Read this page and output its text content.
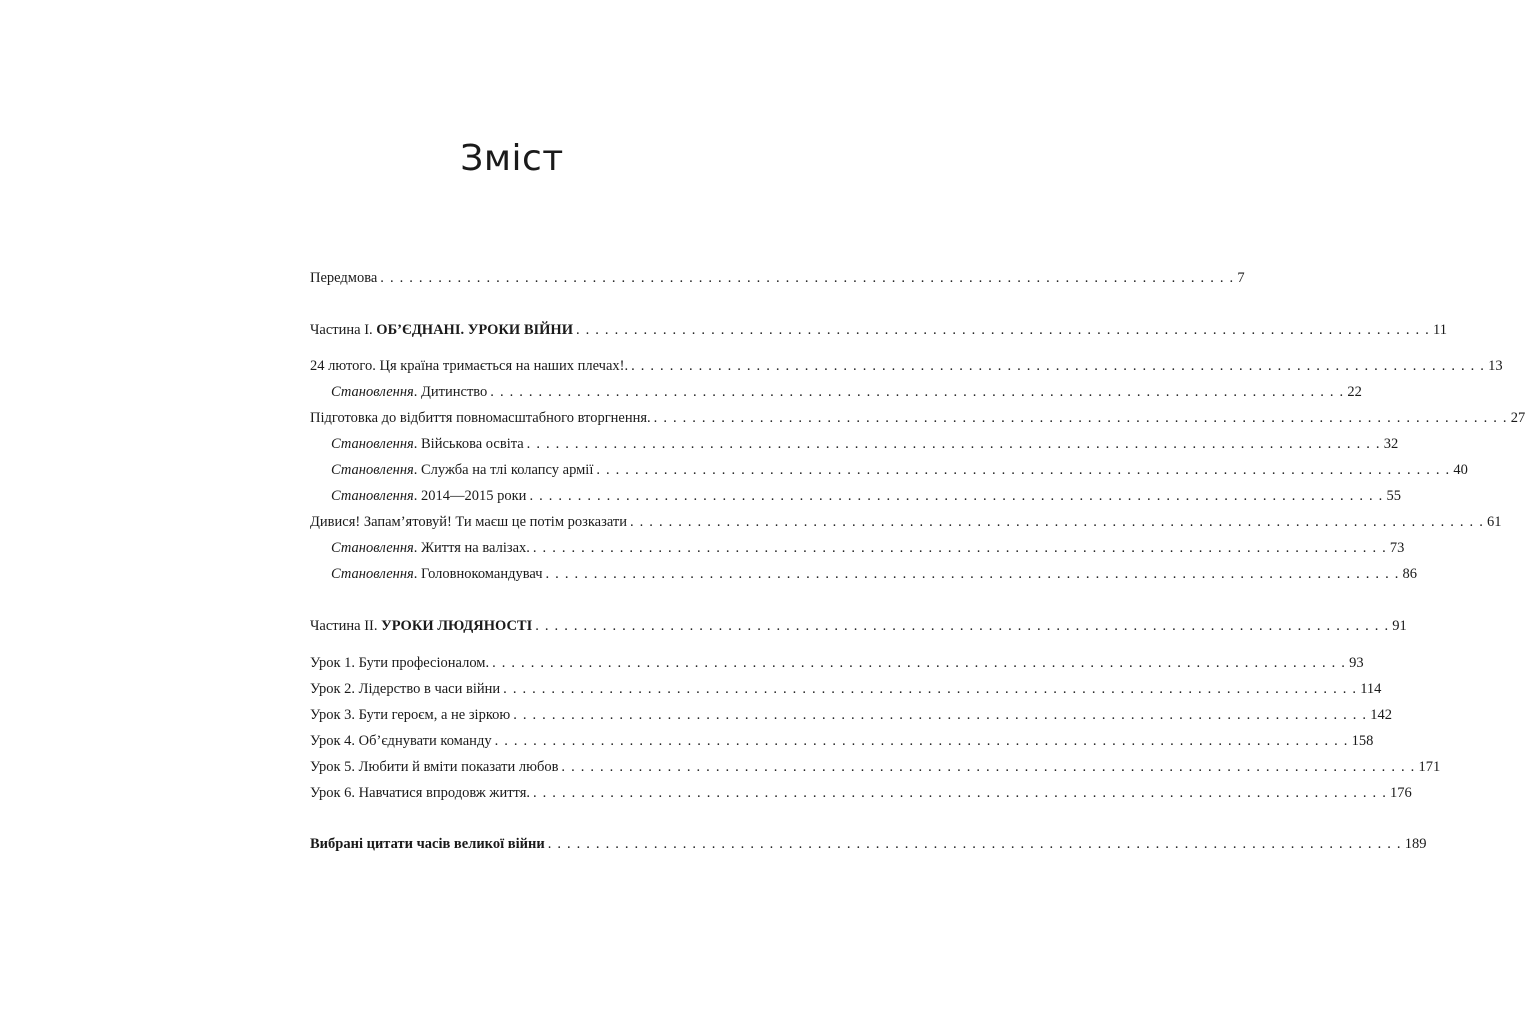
Зміст
Передмова . . . . . . . . . . . . . . . . . . . . . . . . . . . . . . . . . . . . . . . . . . . . . . . . . . . . . . . . . . . . . . . . . . . . . . . . . . . . . . . . . . . . . . . . . 7
Частина I. ОБ’ЄДНАНІ. УРОКИ ВІЙНИ . . . . . . . . . . . . . . . . . . . . . . . . . . . . . . . . . . . . . . . . . . . . . . . . . . . . . . . . . . . . . . . . . . . . . . . . . . . . . . . . . . . . . . . . . 11
24 лютого. Ця країна тримається на наших плечах!. . . . . . . . . . . . . . . . . . . . . . . . . . . . . . . . . . . . . . . . . . . . . . . . . . . . . . . . . . . . . . . . . . . . . . . . . . . . . . . . . . . . . . . . . . 13
Становлення. Дитинство . . . . . . . . . . . . . . . . . . . . . . . . . . . . . . . . . . . . . . . . . . . . . . . . . . . . . . . . . . . . . . . . . . . . . . . . . . . . . . . . . . . . . . . . . 22
Підготовка до відбиття повномасштабного вторгнення. . . . . . . . . . . . . . . . . . . . . . . . . . . . . . . . . . . . . . . . . . . . . . . . . . . . . . . . . . . . . . . . . . . . . . . . . . . . . . . . . . . . . . . . . . 27
Становлення. Військова освіта . . . . . . . . . . . . . . . . . . . . . . . . . . . . . . . . . . . . . . . . . . . . . . . . . . . . . . . . . . . . . . . . . . . . . . . . . . . . . . . . . . . . . . . . . 32
Становлення. Служба на тлі колапсу армії . . . . . . . . . . . . . . . . . . . . . . . . . . . . . . . . . . . . . . . . . . . . . . . . . . . . . . . . . . . . . . . . . . . . . . . . . . . . . . . . . . . . . . . . . 40
Становлення. 2014—2015 роки . . . . . . . . . . . . . . . . . . . . . . . . . . . . . . . . . . . . . . . . . . . . . . . . . . . . . . . . . . . . . . . . . . . . . . . . . . . . . . . . . . . . . . . . . 55
Дивися! Запам’ятовуй! Ти маєш це потім розказати . . . . . . . . . . . . . . . . . . . . . . . . . . . . . . . . . . . . . . . . . . . . . . . . . . . . . . . . . . . . . . . . . . . . . . . . . . . . . . . . . . . . . . . . . 61
Становлення. Життя на валізах. . . . . . . . . . . . . . . . . . . . . . . . . . . . . . . . . . . . . . . . . . . . . . . . . . . . . . . . . . . . . . . . . . . . . . . . . . . . . . . . . . . . . . . . . . 73
Становлення. Головнокомандувач . . . . . . . . . . . . . . . . . . . . . . . . . . . . . . . . . . . . . . . . . . . . . . . . . . . . . . . . . . . . . . . . . . . . . . . . . . . . . . . . . . . . . . . . . 86
Частина II. УРОКИ ЛЮДЯНОСТІ . . . . . . . . . . . . . . . . . . . . . . . . . . . . . . . . . . . . . . . . . . . . . . . . . . . . . . . . . . . . . . . . . . . . . . . . . . . . . . . . . . . . . . . . . 91
Урок 1. Бути професіоналом. . . . . . . . . . . . . . . . . . . . . . . . . . . . . . . . . . . . . . . . . . . . . . . . . . . . . . . . . . . . . . . . . . . . . . . . . . . . . . . . . . . . . . . . . . 93
Урок 2. Лідерство в часи війни . . . . . . . . . . . . . . . . . . . . . . . . . . . . . . . . . . . . . . . . . . . . . . . . . . . . . . . . . . . . . . . . . . . . . . . . . . . . . . . . . . . . . . . . . 114
Урок 3. Бути героєм, а не зіркою . . . . . . . . . . . . . . . . . . . . . . . . . . . . . . . . . . . . . . . . . . . . . . . . . . . . . . . . . . . . . . . . . . . . . . . . . . . . . . . . . . . . . . . . . 142
Урок 4. Об’єднувати команду . . . . . . . . . . . . . . . . . . . . . . . . . . . . . . . . . . . . . . . . . . . . . . . . . . . . . . . . . . . . . . . . . . . . . . . . . . . . . . . . . . . . . . . . . 158
Урок 5. Любити й вміти показати любов . . . . . . . . . . . . . . . . . . . . . . . . . . . . . . . . . . . . . . . . . . . . . . . . . . . . . . . . . . . . . . . . . . . . . . . . . . . . . . . . . . . . . . . . . 171
Урок 6. Навчатися впродовж життя. . . . . . . . . . . . . . . . . . . . . . . . . . . . . . . . . . . . . . . . . . . . . . . . . . . . . . . . . . . . . . . . . . . . . . . . . . . . . . . . . . . . . . . . . . 176
Вибрані цитати часів великої війни . . . . . . . . . . . . . . . . . . . . . . . . . . . . . . . . . . . . . . . . . . . . . . . . . . . . . . . . . . . . . . . . . . . . . . . . . . . . . . . . . . . . . . . . . 189
